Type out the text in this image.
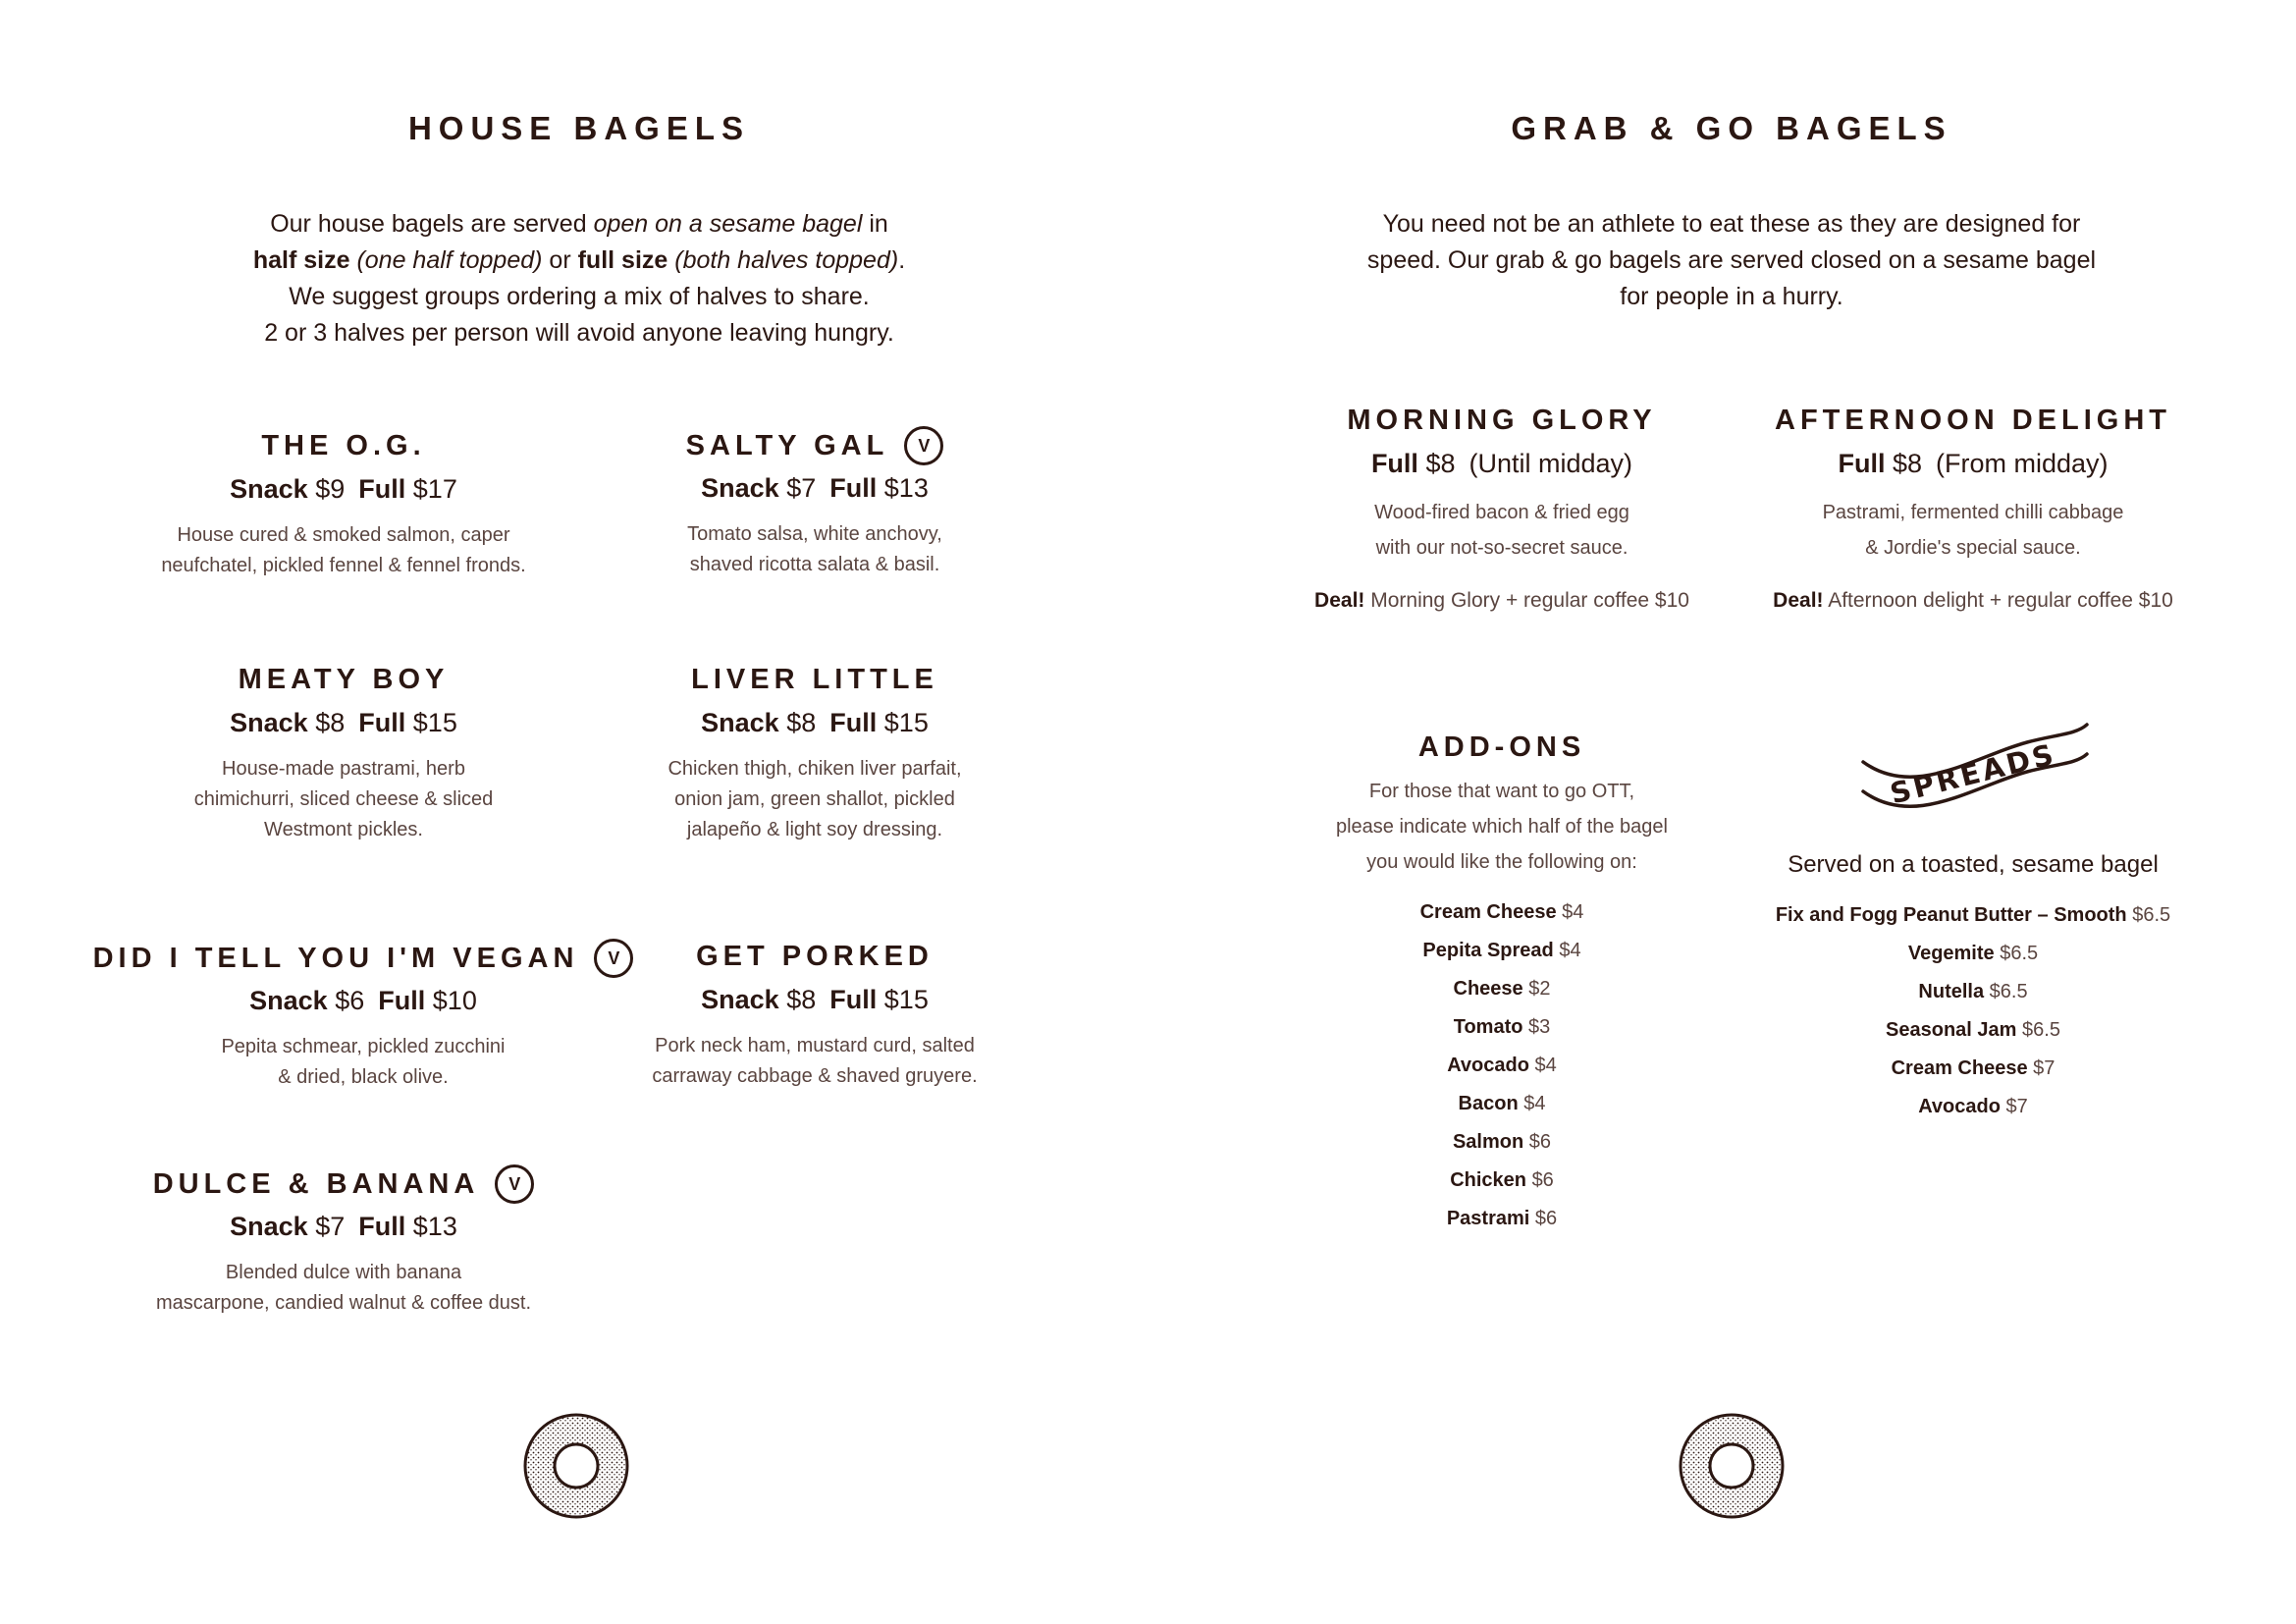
HOUSE BAGELS

Our house bagels are served open on a sesame bagel in

half size (one half topped) or full size (both halves topped).

We suggest groups ordering a mix of halves to share.

2 or 3 halves per person will avoid anyone leaving hungry.

THE O.G.
Snack $9 Full $17
House cured & smoked salmon, caper
neufchatel, pickled fennel & fennel fronds.
SALTY GAL	V
Snack $7 Full $13
Tomato salsa, white anchovy,
shaved ricotta salata & basil.
MEATY BOY
Snack $8 Full $15
House-made pastrami, herb
chimichurri, sliced cheese & sliced
Westmont pickles.
LIVER LITTLE
Snack $8 Full $15
Chicken thigh, chiken liver parfait,
onion jam, green shallot, pickled
jalapeño & light soy dressing.
DID I TELL YOU I'M VEGAN	V
Snack $6 Full $10
Pepita schmear, pickled zucchini
& dried, black olive.
GET PORKED
Snack $8 Full $15
Pork neck ham, mustard curd, salted
carraway cabbage & shaved gruyere.
DULCE & BANANA	V
Snack $7 Full $13
Blended dulce with banana
mascarpone, candied walnut & coffee dust.
GRAB & GO BAGELS

You need not be an athlete to eat these as they are designed for

speed. Our grab & go bagels are served closed on a sesame bagel

for people in a hurry.

MORNING GLORY
Full $8 (Until midday)
Wood-fired bacon & fried egg
with our not-so-secret sauce.
Deal! Morning Glory + regular coffee $10
AFTERNOON DELIGHT
Full $8 (From midday)
Pastrami, fermented chilli cabbage
& Jordie's special sauce.
Deal! Afternoon delight + regular coffee $10
ADD-ONS
For those that want to go OTT,
please indicate which half of the bagel
you would like the following on:
Cream Cheese $4
Pepita Spread $4
Cheese $2
Tomato $3
Avocado $4
Bacon $4
Salmon $6
Chicken $6
Pastrami $6
SPREADS
Served on a toasted, sesame bagel
Fix and Fogg Peanut Butter – Smooth $6.5
Vegemite $6.5
Nutella $6.5
Seasonal Jam $6.5
Cream Cheese $7
Avocado $7
